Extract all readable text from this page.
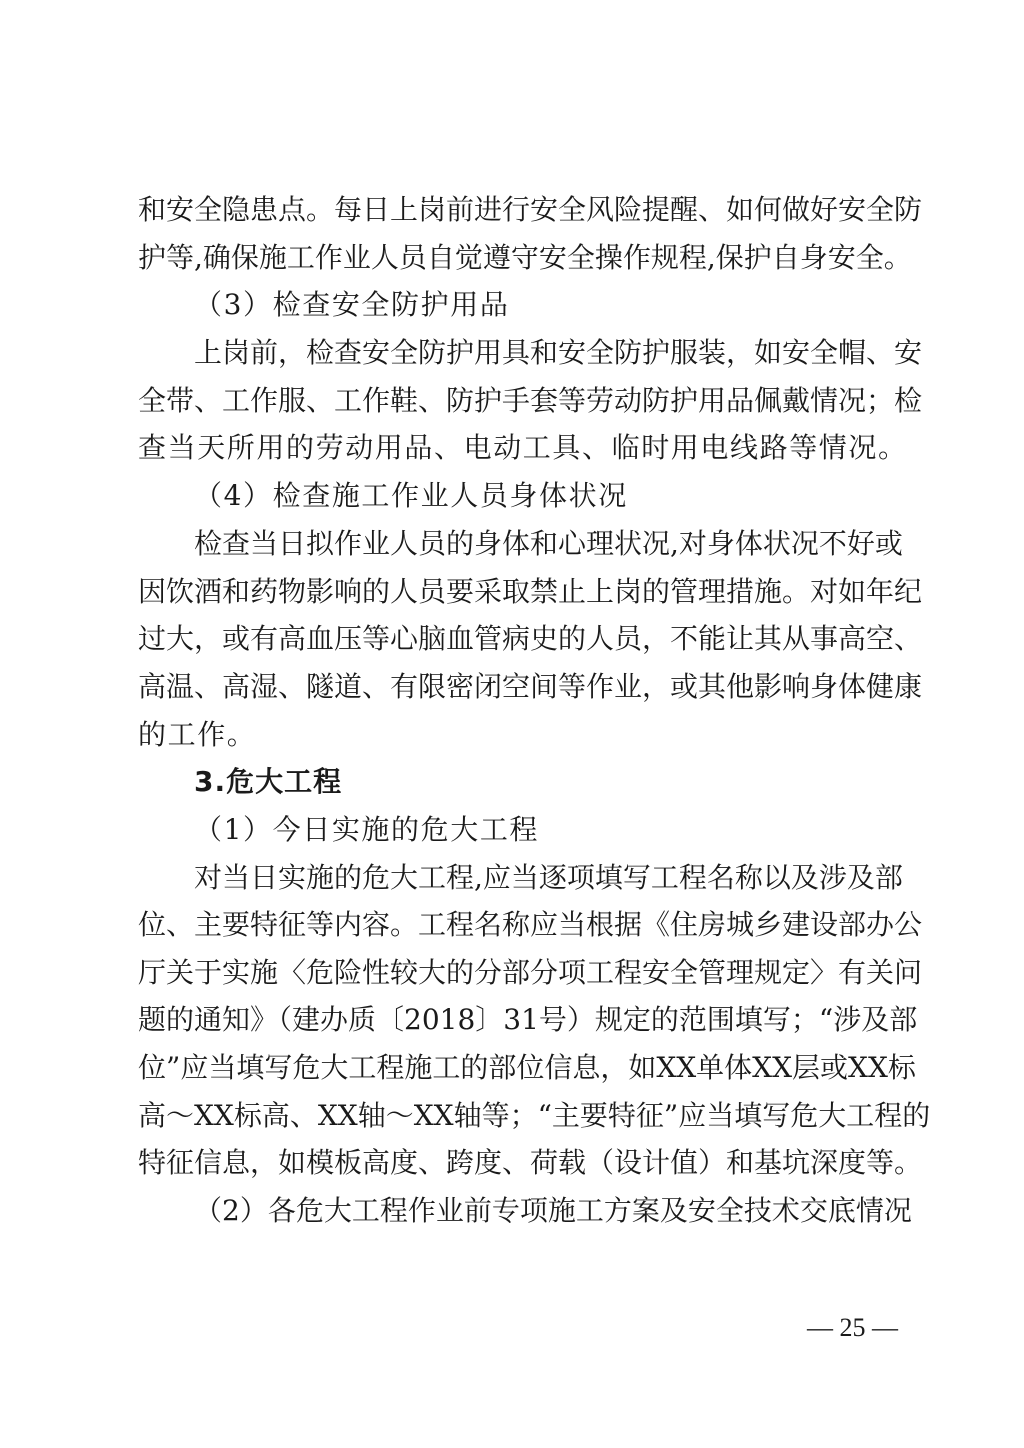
和安全隐患点。每日上岗前进行安全风险提醒、如何做好安全防
护等,确保施工作业人员自觉遵守安全操作规程,保护自身安全。
（3）检查安全防护用品
上岗前，检查安全防护用具和安全防护服装，如安全帽、安
全带、工作服、工作鞋、防护手套等劳动防护用品佩戴情况；检
查当天所用的劳动用品、电动工具、临时用电线路等情况。
（4）检查施工作业人员身体状况
检查当日拟作业人员的身体和心理状况,对身体状况不好或
因饮酒和药物影响的人员要采取禁止上岗的管理措施。对如年纪
过大，或有高血压等心脑血管病史的人员，不能让其从事高空、
高温、高湿、隧道、有限密闭空间等作业，或其他影响身体健康
的工作。
3.危大工程
（1）今日实施的危大工程
对当日实施的危大工程,应当逐项填写工程名称以及涉及部
位、主要特征等内容。工程名称应当根据《住房城乡建设部办公
厅关于实施〈危险性较大的分部分项工程安全管理规定〉有关问
题的通知》（建办质〔2018〕31号）规定的范围填写；“涉及部
位”应当填写危大工程施工的部位信息，如XX单体XX层或XX标
高～XX标高、XX轴～XX轴等；“主要特征”应当填写危大工程的
特征信息，如模板高度、跨度、荷载（设计值）和基坑深度等。
（2）各危大工程作业前专项施工方案及安全技术交底情况
— 25 —
